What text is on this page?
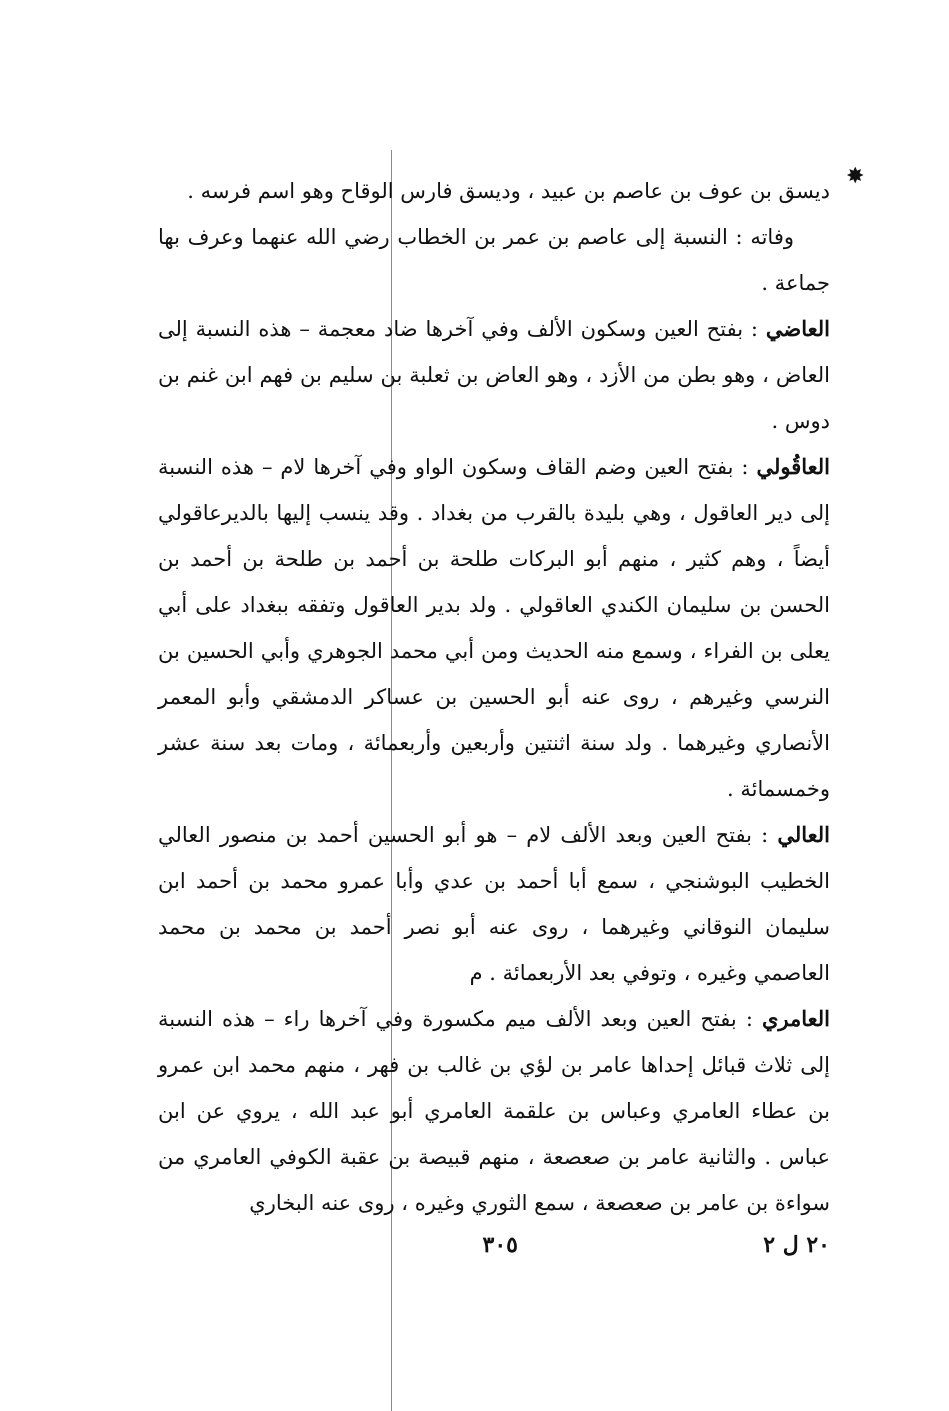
✸

ديسق بن عوف بن عاصم بن عبيد ، وديسق فارس الوقاح وهو اسم فرسه .

وفاته : النسبة إلى عاصم بن عمر بن الخطاب رضي الله عنهما وعرف بها جماعة .

العاضي : بفتح العين وسكون الألف وفي آخرها ضاد معجمة – هذه النسبة إلى العاض ، وهو بطن من الأزد ، وهو العاض بن ثعلبة بن سليم بن فهم ابن غنم بن دوس .

العاقُولي : بفتح العين وضم القاف وسكون الواو وفي آخرها لام – هذه النسبة إلى دير العاقول ، وهي بليدة بالقرب من بغداد . وقد ينسب إليها بالديرعاقولي أيضاً ، وهم كثير ، منهم أبو البركات طلحة بن أحمد بن طلحة بن أحمد بن الحسن بن سليمان الكندي العاقولي . ولد بدير العاقول وتفقه ببغداد على أبي يعلى بن الفراء ، وسمع منه الحديث ومن أبي محمد الجوهري وأبي الحسين بن النرسي وغيرهم ، روى عنه أبو الحسين بن عساكر الدمشقي وأبو المعمر الأنصاري وغيرهما . ولد سنة اثنتين وأربعين وأربعمائة ، ومات بعد سنة عشر وخمسمائة .

العالي : بفتح العين وبعد الألف لام – هو أبو الحسين أحمد بن منصور العالي الخطيب البوشنجي ، سمع أبا أحمد بن عدي وأبا عمرو محمد بن أحمد ابن سليمان النوقاني وغيرهما ، روى عنه أبو نصر أحمد بن محمد بن محمد العاصمي وغيره ، وتوفي بعد الأربعمائة . م

العامري : بفتح العين وبعد الألف ميم مكسورة وفي آخرها راء – هذه النسبة إلى ثلاث قبائل إحداها عامر بن لؤي بن غالب بن فهر ، منهم محمد ابن عمرو بن عطاء العامري وعباس بن علقمة العامري أبو عبد الله ، يروي عن ابن عباس . والثانية عامر بن صعصعة ، منهم قبيصة بن عقبة الكوفي العامري من سواءة بن عامر بن صعصعة ، سمع الثوري وغيره ، روى عنه البخاري

٢٠ ل ٢
٣٠٥
